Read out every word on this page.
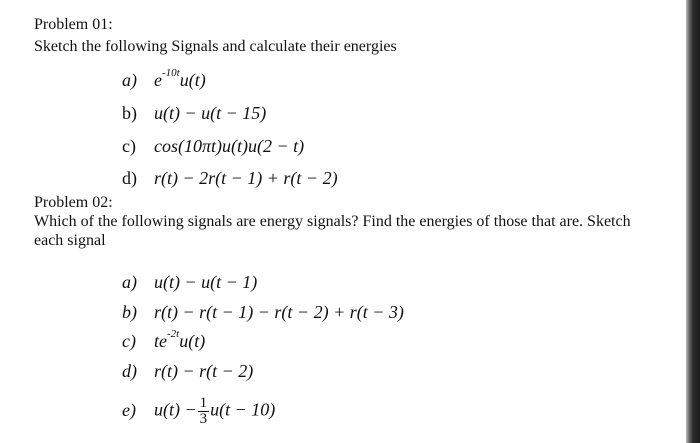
Problem 01:
Sketch the following Signals and calculate their energies
a) $e^{-10t}u(t)$
b) u(t) − u(t − 15)
c) cos(10πt)u(t)u(2 − t)
d) r(t) − 2r(t − 1) + r(t − 2)
Problem 02:
Which of the following signals are energy signals? Find the energies of those that are. Sketch each signal
a) u(t) − u(t − 1)
b) r(t) − r(t − 1) − r(t − 2) + r(t − 3)
c) $te^{-2t}u(t)$
d) r(t) − r(t − 2)
e) $u(t) - \frac{1}{3} u(t - 10)$
